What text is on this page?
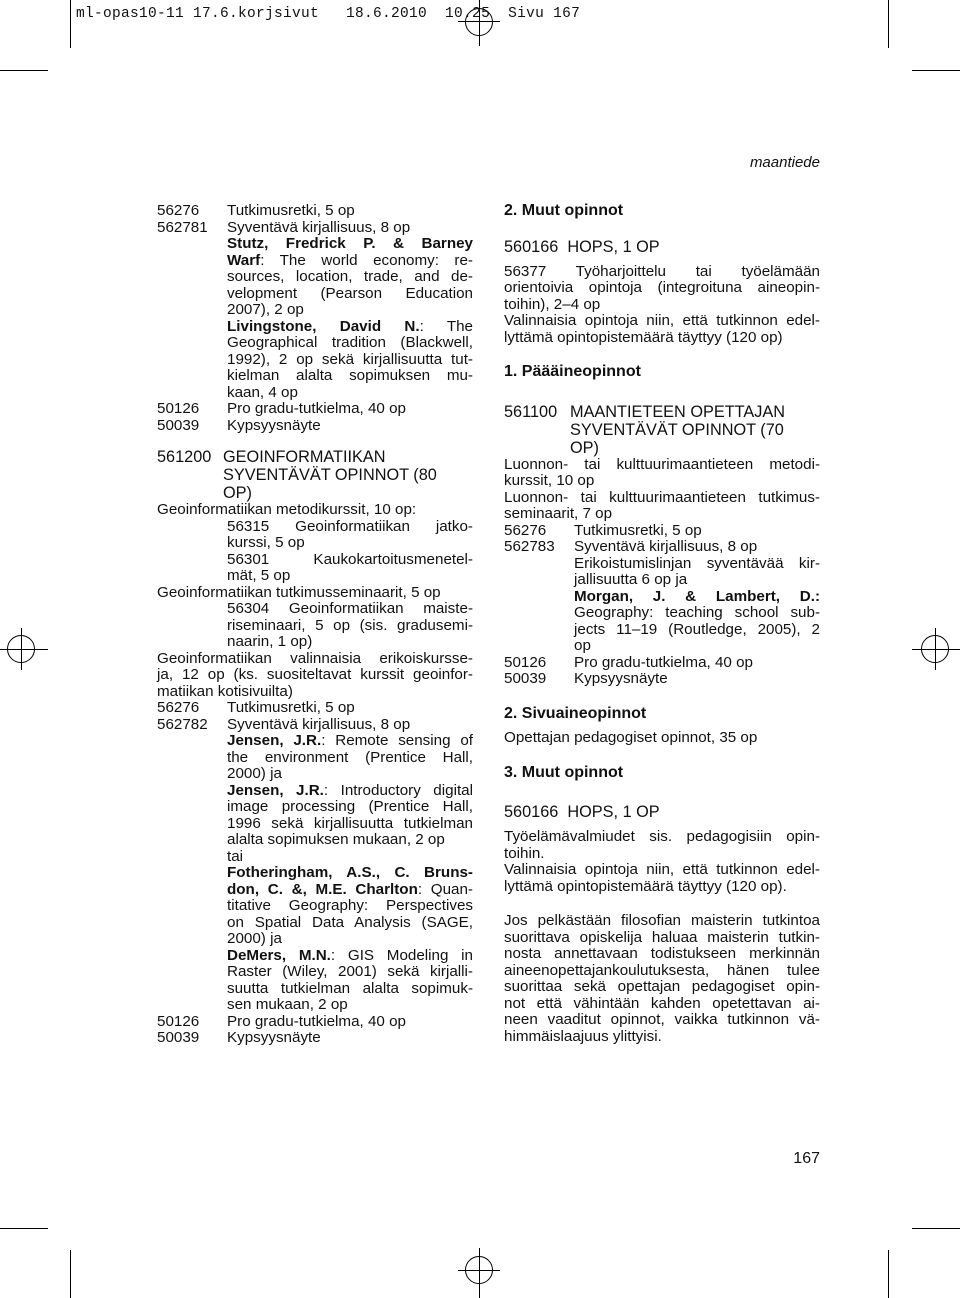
ml-opas10-11 17.6.korjsivut   18.6.2010  10.25  Sivu 167
maantiede
167
56276 Tutkimusretki, 5 op
562781 Syventävä kirjallisuus, 8 op
Stutz, Fredrick P. & Barney
Warf: The world economy: re-
sources, location, trade, and de-
velopment (Pearson Education
2007), 2 op
Livingstone, David N.: The
Geographical tradition (Blackwell,
1992), 2 op sekä kirjallisuutta tut-
kielman alalta sopimuksen mu-
kaan, 4 op
50126 Pro gradu-tutkielma, 40 op
50039 Kypsyysnäyte
561200 GEOINFORMATIIKAN
SYVENTÄVÄT OPINNOT (80
OP)
Geoinformatiikan metodikurssit, 10 op:
56315 Geoinformatiikan jatko-
kurssi, 5 op
56301 Kaukokartoitusmenetel-
mät, 5 op
Geoinformatiikan tutkimusseminaarit, 5 op
56304 Geoinformatiikan maiste-
riseminaari, 5 op (sis. gradusemi-
naarin, 1 op)
Geoinformatiikan valinnaisia erikoiskursse-
ja, 12 op (ks. suositeltavat kurssit geoinfor-
matiikan kotisivuilta)
56276 Tutkimusretki, 5 op
562782 Syventävä kirjallisuus, 8 op
Jensen, J.R.: Remote sensing of
the environment (Prentice Hall,
2000) ja
Jensen, J.R.: Introductory digital
image processing (Prentice Hall,
1996 sekä kirjallisuutta tutkielman
alalta sopimuksen mukaan, 2 op
tai
Fotheringham, A.S., C. Bruns-
don, C. &, M.E. Charlton: Quan-
titative Geography: Perspectives
on Spatial Data Analysis (SAGE,
2000) ja
DeMers, M.N.: GIS Modeling in
Raster (Wiley, 2001) sekä kirjalli-
suutta tutkielman alalta sopimuk-
sen mukaan, 2 op
50126 Pro gradu-tutkielma, 40 op
50039 Kypsyysnäyte
2. Muut opinnot
560166  HOPS, 1 OP
56377 Työharjoittelu tai työelämään
orientoivia opintoja (integroituna aineopin-
toihin), 2–4 op
Valinnaisia opintoja niin, että tutkinnon edel-
lyttämä opintopistemäärä täyttyy (120 op)
1. Päääineopinnot
561100 MAANTIETEEN OPETTAJAN
SYVENTÄVÄT OPINNOT (70
OP)
Luonnon- tai kulttuurimaantieteen metodi-
kurssit, 10 op
Luonnon- tai kulttuurimaantieteen tutkimus-
seminaarit, 7 op
56276 Tutkimusretki, 5 op
562783 Syventävä kirjallisuus, 8 op
Erikoistumislinjan syventävää kir-
jallisuutta 6 op ja
Morgan, J. & Lambert, D.:
Geography: teaching school sub-
jects 11–19 (Routledge, 2005), 2
op
50126 Pro gradu-tutkielma, 40 op
50039 Kypsyysnäyte
2. Sivuaineopinnot
Opettajan pedagogiset opinnot, 35 op
3. Muut opinnot
560166  HOPS, 1 OP
Työelämävalmiudet sis. pedagogisiin opin-
toihin.
Valinnaisia opintoja niin, että tutkinnon edel-
lyttämä opintopistemäärä täyttyy (120 op).
Jos pelkästään filosofian maisterin tutkintoa
suorittava opiskelija haluaa maisterin tutkin-
nosta annettavaan todistukseen merkinnän
aineenopettajankoulutuksesta, hänen tulee
suorittaa sekä opettajan pedagogiset opin-
not että vähintään kahden opetettavan ai-
neen vaaditut opinnot, vaikka tutkinnon vä-
himmäislaajuus ylittyisi.
